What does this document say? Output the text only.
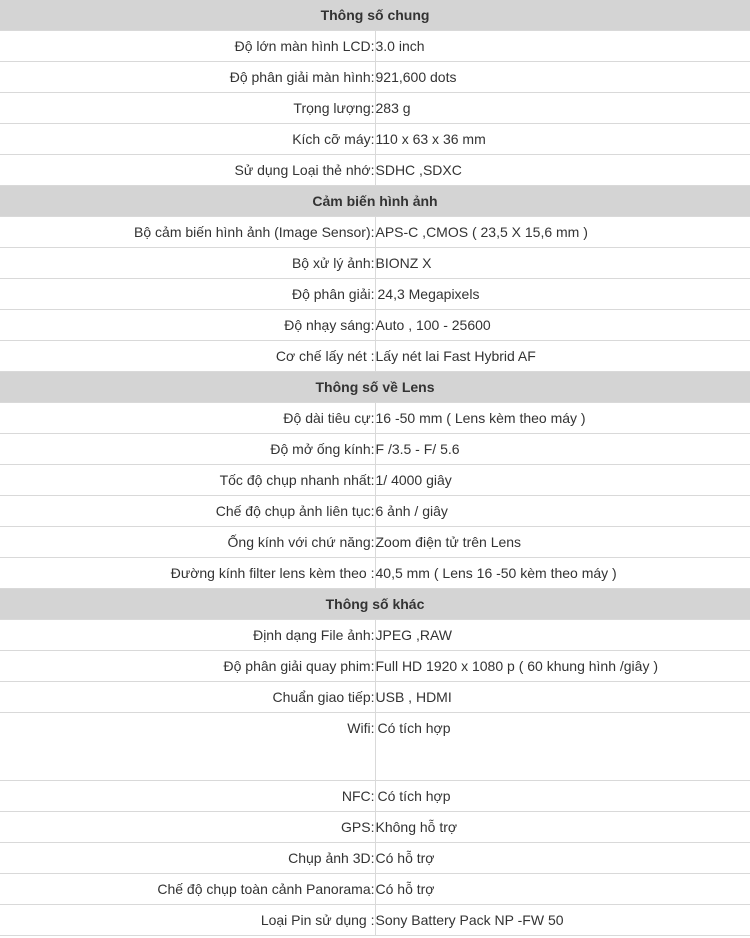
Thông số chung	
Độ lớn màn hình LCD:	3.0 inch
Độ phân giải màn hình:	921,600 dots
Trọng lượng:	283 g
Kích cỡ máy:	110 x 63 x 36 mm
Sử dụng Loại thẻ nhớ:	SDHC ,SDXC
Cảm biến hình ảnh	
Bộ cảm biến hình ảnh (Image Sensor):	APS-C ,CMOS ( 23,5 X 15,6 mm )
Bộ xử lý ảnh:	BIONZ X
Độ phân giải:	24,3 Megapixels
Độ nhạy sáng:	Auto , 100 - 25600
Cơ chế lấy nét :	Lấy nét lai Fast Hybrid AF
Thông số về Lens	
Độ dài tiêu cự:	16 -50 mm ( Lens kèm theo máy )
Độ mở ống kính:	F /3.5 - F/ 5.6
Tốc độ chụp nhanh nhất:	1/ 4000 giây
Chế độ chụp ảnh liên tục:	6 ảnh / giây
Ống kính với chứ năng:	Zoom điện tử trên Lens
Đường kính filter lens kèm theo :	40,5 mm ( Lens 16 -50 kèm theo máy )
Thông số khác	
Định dạng File ảnh:	JPEG ,RAW
Độ phân giải quay phim:	Full HD 1920 x 1080 p ( 60 khung hình /giây )
Chuẩn giao tiếp:	USB , HDMI
Wifi:	Có tích hợp
NFC:	Có tích hợp
GPS:	Không hỗ trợ
Chụp ảnh 3D:	Có hỗ trợ
Chế độ chụp toàn cảnh Panorama:	Có hỗ trợ
Loại Pin sử dụng :	Sony Battery Pack NP -FW 50
